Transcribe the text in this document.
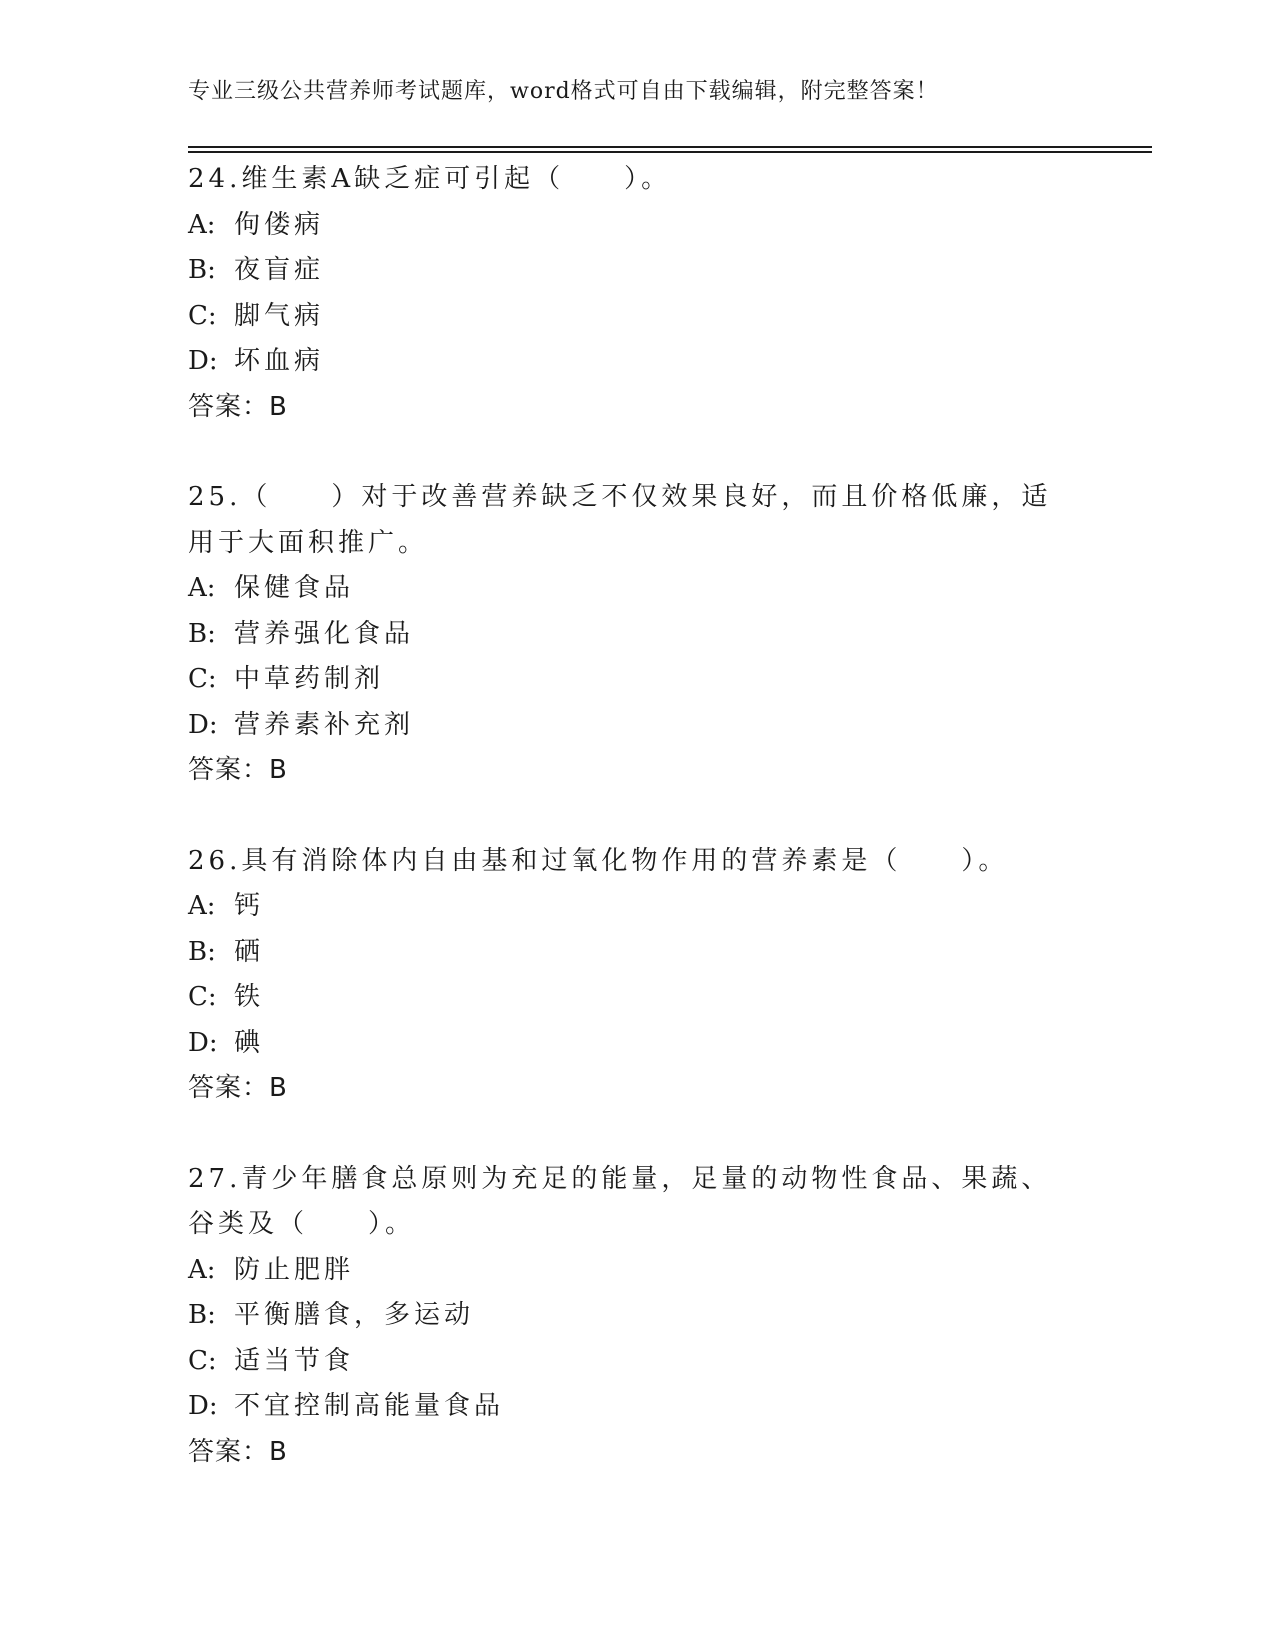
专业三级公共营养师考试题库，word格式可自由下载编辑，附完整答案！
24.维生素A缺乏症可引起（　　）。
A: 佝偻病
B: 夜盲症
C: 脚气病
D: 坏血病
答案：B
25.（　　）对于改善营养缺乏不仅效果良好，而且价格低廉，适用于大面积推广。
A: 保健食品
B: 营养强化食品
C: 中草药制剂
D: 营养素补充剂
答案：B
26.具有消除体内自由基和过氧化物作用的营养素是（　　）。
A: 钙
B: 硒
C: 铁
D: 碘
答案：B
27.青少年膳食总原则为充足的能量，足量的动物性食品、果蔬、谷类及（　　）。
A: 防止肥胖
B: 平衡膳食，多运动
C: 适当节食
D: 不宜控制高能量食品
答案：B
